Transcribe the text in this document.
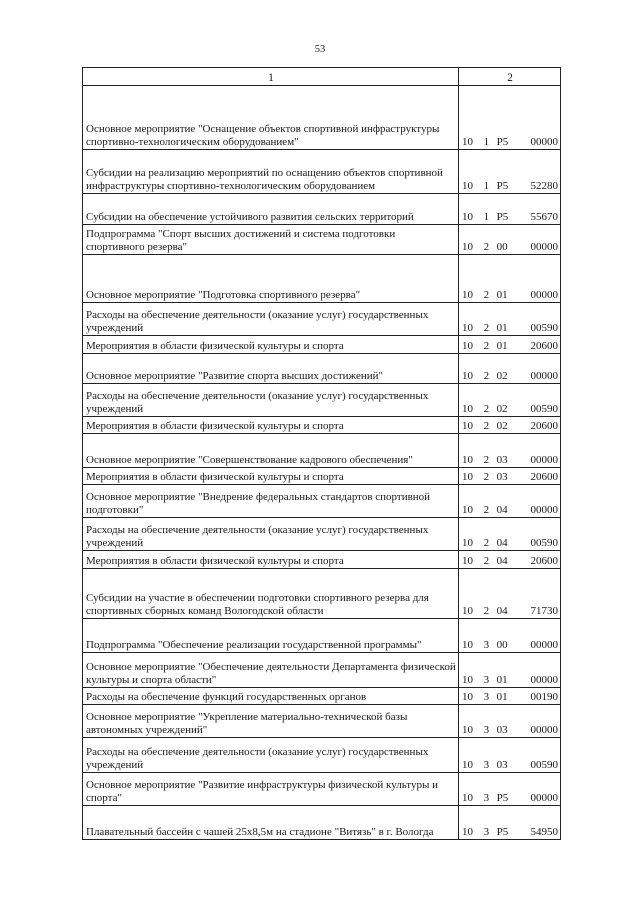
53
1	2
Основное мероприятие "Оснащение объектов спортивной инфраструктуры спортивно-технологическим оборудованием"	10 1 P5 00000

Субсидии на реализацию мероприятий по оснащению объектов спортивной инфраструктуры спортивно-технологическим оборудованием	10 1 P5 52280

Субсидии на обеспечение устойчивого развития сельских территорий	10 1 P5 55670

Подпрограмма "Спорт высших достижений и система подготовки спортивного резерва"	10 2 00 00000

Основное мероприятие "Подготовка спортивного резерва"	10 2 01 00000

Расходы на обеспечение деятельности (оказание услуг) государственных учреждений	10 2 01 00590

Мероприятия в области физической культуры и спорта	10 2 01 20600

Основное мероприятие "Развитие спорта высших достижений"	10 2 02 00000

Расходы на обеспечение деятельности (оказание услуг) государственных учреждений	10 2 02 00590

Мероприятия в области физической культуры и спорта	10 2 02 20600

Основное мероприятие "Совершенствование кадрового обеспечения"	10 2 03 00000

Мероприятия в области физической культуры и спорта	10 2 03 20600

Основное мероприятие "Внедрение федеральных стандартов спортивной подготовки"	10 2 04 00000

Расходы на обеспечение деятельности (оказание услуг) государственных учреждений	10 2 04 00590

Мероприятия в области физической культуры и спорта	10 2 04 20600

Субсидии на участие в обеспечении подготовки спортивного резерва для спортивных сборных команд Вологодской области	10 2 04 71730

Подпрограмма "Обеспечение реализации государственной программы"	10 3 00 00000

Основное мероприятие "Обеспечение деятельности Департамента физической культуры и спорта области"	10 3 01 00000

Расходы на обеспечение функций государственных органов	10 3 01 00190

Основное мероприятие "Укрепление материально-технической базы автономных учреждений"	10 3 03 00000

Расходы на обеспечение деятельности (оказание услуг) государственных учреждений	10 3 03 00590

Основное мероприятие "Развитие инфраструктуры физической культуры и спорта"	10 3 P5 00000

Плавательный бассейн с чашей 25х8,5м на стадионе "Витязь" в г. Вологда	10 3 P5 54950
